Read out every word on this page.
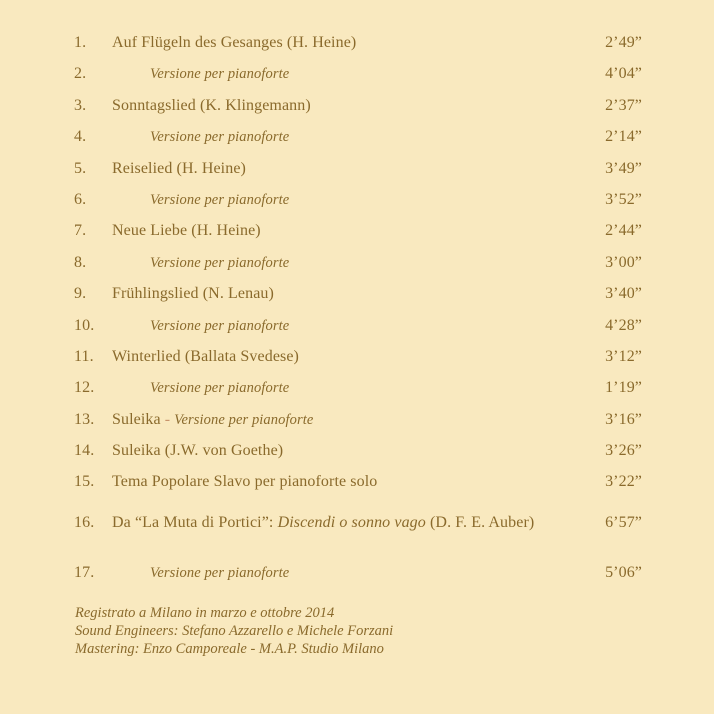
1.	Auf Flügeln des Gesanges (H. Heine)	2’49”
2.	Versione per pianoforte	4’04”
3.	Sonntagslied (K. Klingemann)	2’37”
4.	Versione per pianoforte	2’14”
5.	Reiselied (H. Heine)	3’49”
6.	Versione per pianoforte	3’52”
7.	Neue Liebe (H. Heine)	2’44”
8.	Versione per pianoforte	3’00”
9.	Frühlingslied (N. Lenau)	3’40”
10.	Versione per pianoforte	4’28”
11.	Winterlied (Ballata Svedese)	3’12”
12.	Versione per pianoforte	1’19”
13.	Suleika - Versione per pianoforte	3’16”
14.	Suleika (J.W. von Goethe)	3’26”
15.	Tema Popolare Slavo per pianoforte solo	3’22”
16.	Da “La Muta di Portici”: Discendi o sonno vago (D. F. E. Auber)	6’57”
17.	Versione per pianoforte	5’06”
Registrato a Milano in marzo e ottobre 2014
Sound Engineers: Stefano Azzarello e Michele Forzani
Mastering: Enzo Camporeale - M.A.P. Studio Milano
